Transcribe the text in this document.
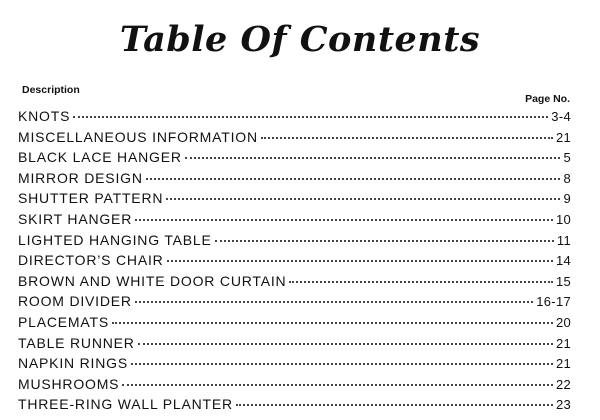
Table Of Contents
Description
Page No.
KNOTS	3-4
MISCELLANEOUS INFORMATION	21
BLACK LACE HANGER	5
MIRROR DESIGN	8
SHUTTER PATTERN	9
SKIRT HANGER	10
LIGHTED HANGING TABLE	11
DIRECTOR’S CHAIR	14
BROWN AND WHITE DOOR CURTAIN	15
ROOM DIVIDER	16-17
PLACEMATS	20
TABLE RUNNER	21
NAPKIN RINGS	21
MUSHROOMS	22
THREE-RING WALL PLANTER	23
